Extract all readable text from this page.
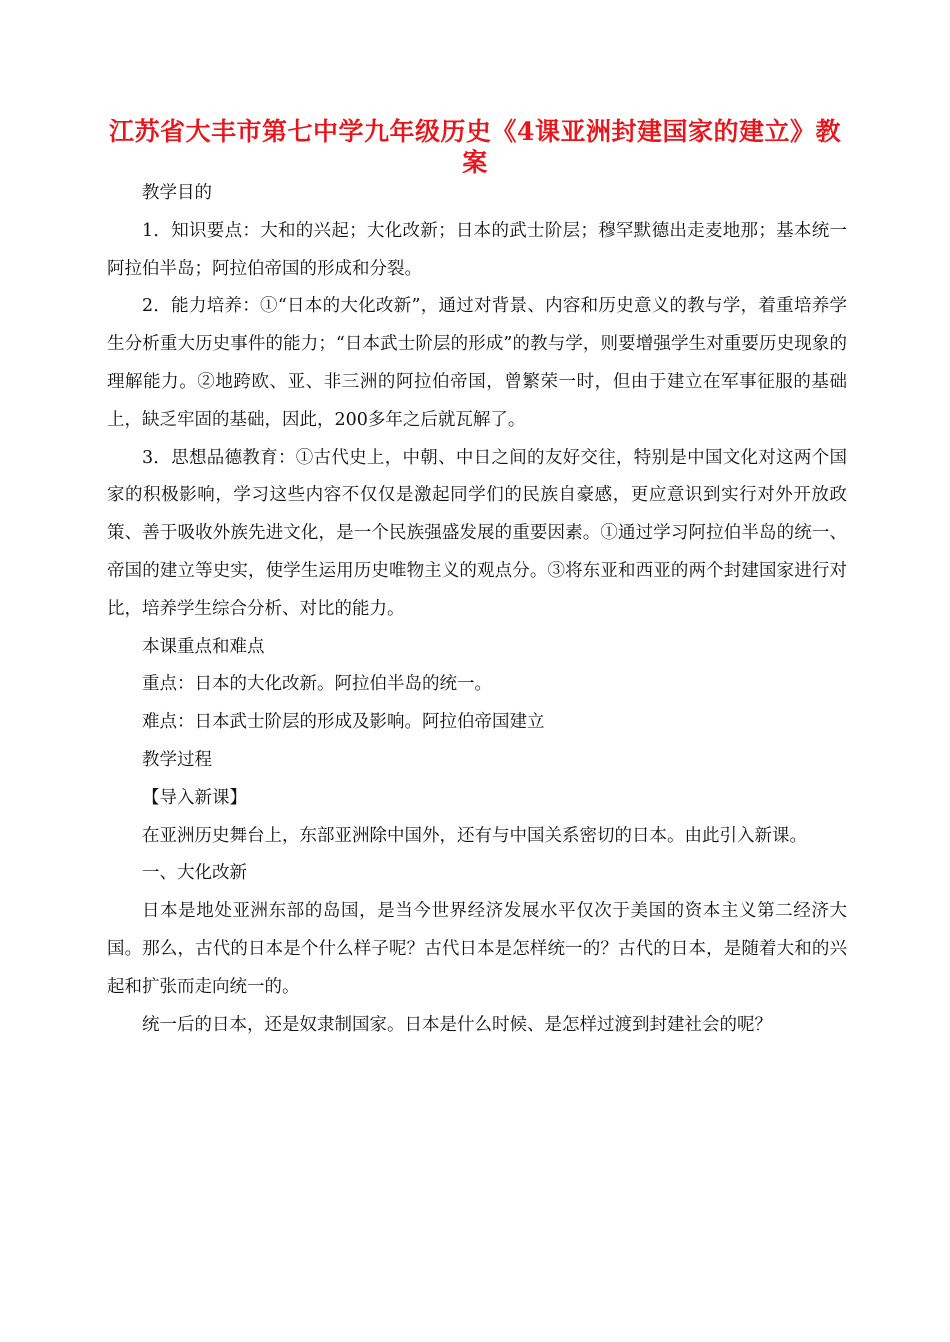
江苏省大丰市第七中学九年级历史《4课亚洲封建国家的建立》教案

教学目的

1．知识要点：大和的兴起；大化改新；日本的武士阶层；穆罕默德出走麦地那；基本统一阿拉伯半岛；阿拉伯帝国的形成和分裂。

2．能力培养：①“日本的大化改新”，通过对背景、内容和历史意义的教与学，着重培养学生分析重大历史事件的能力；“日本武士阶层的形成”的教与学，则要增强学生对重要历史现象的理解能力。②地跨欧、亚、非三洲的阿拉伯帝国，曾繁荣一时，但由于建立在军事征服的基础上，缺乏牢固的基础，因此，200多年之后就瓦解了。

3．思想品德教育：①古代史上，中朝、中日之间的友好交往，特别是中国文化对这两个国家的积极影响，学习这些内容不仅仅是激起同学们的民族自豪感，更应意识到实行对外开放政策、善于吸收外族先进文化，是一个民族强盛发展的重要因素。①通过学习阿拉伯半岛的统一、帝国的建立等史实，使学生运用历史唯物主义的观点分。③将东亚和西亚的两个封建国家进行对比，培养学生综合分析、对比的能力。

本课重点和难点

重点：日本的大化改新。阿拉伯半岛的统一。

难点：日本武士阶层的形成及影响。阿拉伯帝国建立

教学过程

【导入新课】

在亚洲历史舞台上，东部亚洲除中国外，还有与中国关系密切的日本。由此引入新课。

一、大化改新

日本是地处亚洲东部的岛国，是当今世界经济发展水平仅次于美国的资本主义第二经济大国。那么，古代的日本是个什么样子呢？古代日本是怎样统一的？古代的日本，是随着大和的兴起和扩张而走向统一的。

统一后的日本，还是奴隶制国家。日本是什么时候、是怎样过渡到封建社会的呢？
